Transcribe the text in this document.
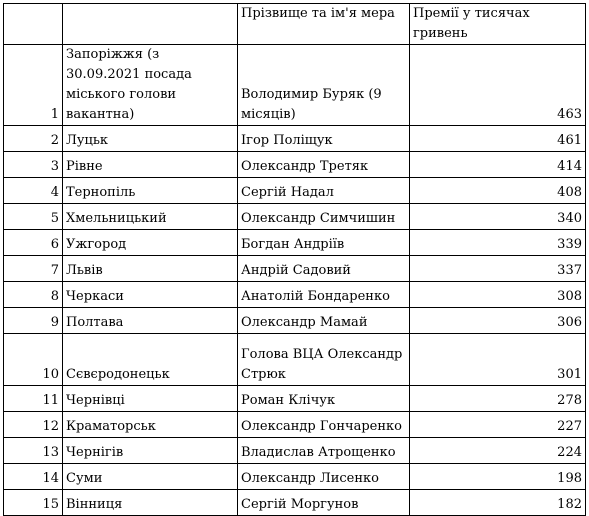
		Прізвище та ім'я мера	Премії у тисячах гривень
1	Запоріжжя (з 30.09.2021 посада міського голови вакантна)	Володимир Буряк (9 місяців)	463
2	Луцьк	Ігор Поліщук	461
3	Рівне	Олександр Третяк	414
4	Тернопіль	Сергій Надал	408
5	Хмельницький	Олександр Симчишин	340
6	Ужгород	Богдан Андріїв	339
7	Львів	Андрій Садовий	337
8	Черкаси	Анатолій Бондаренко	308
9	Полтава	Олександр Мамай	306
10	Сєвєродонецьк	Голова ВЦА Олександр Стрюк	301
11	Чернівці	Роман Клічук	278
12	Краматорськ	Олександр Гончаренко	227
13	Чернігів	Владислав Атрощенко	224
14	Суми	Олександр Лисенко	198
15	Вінниця	Сергій Моргунов	182
